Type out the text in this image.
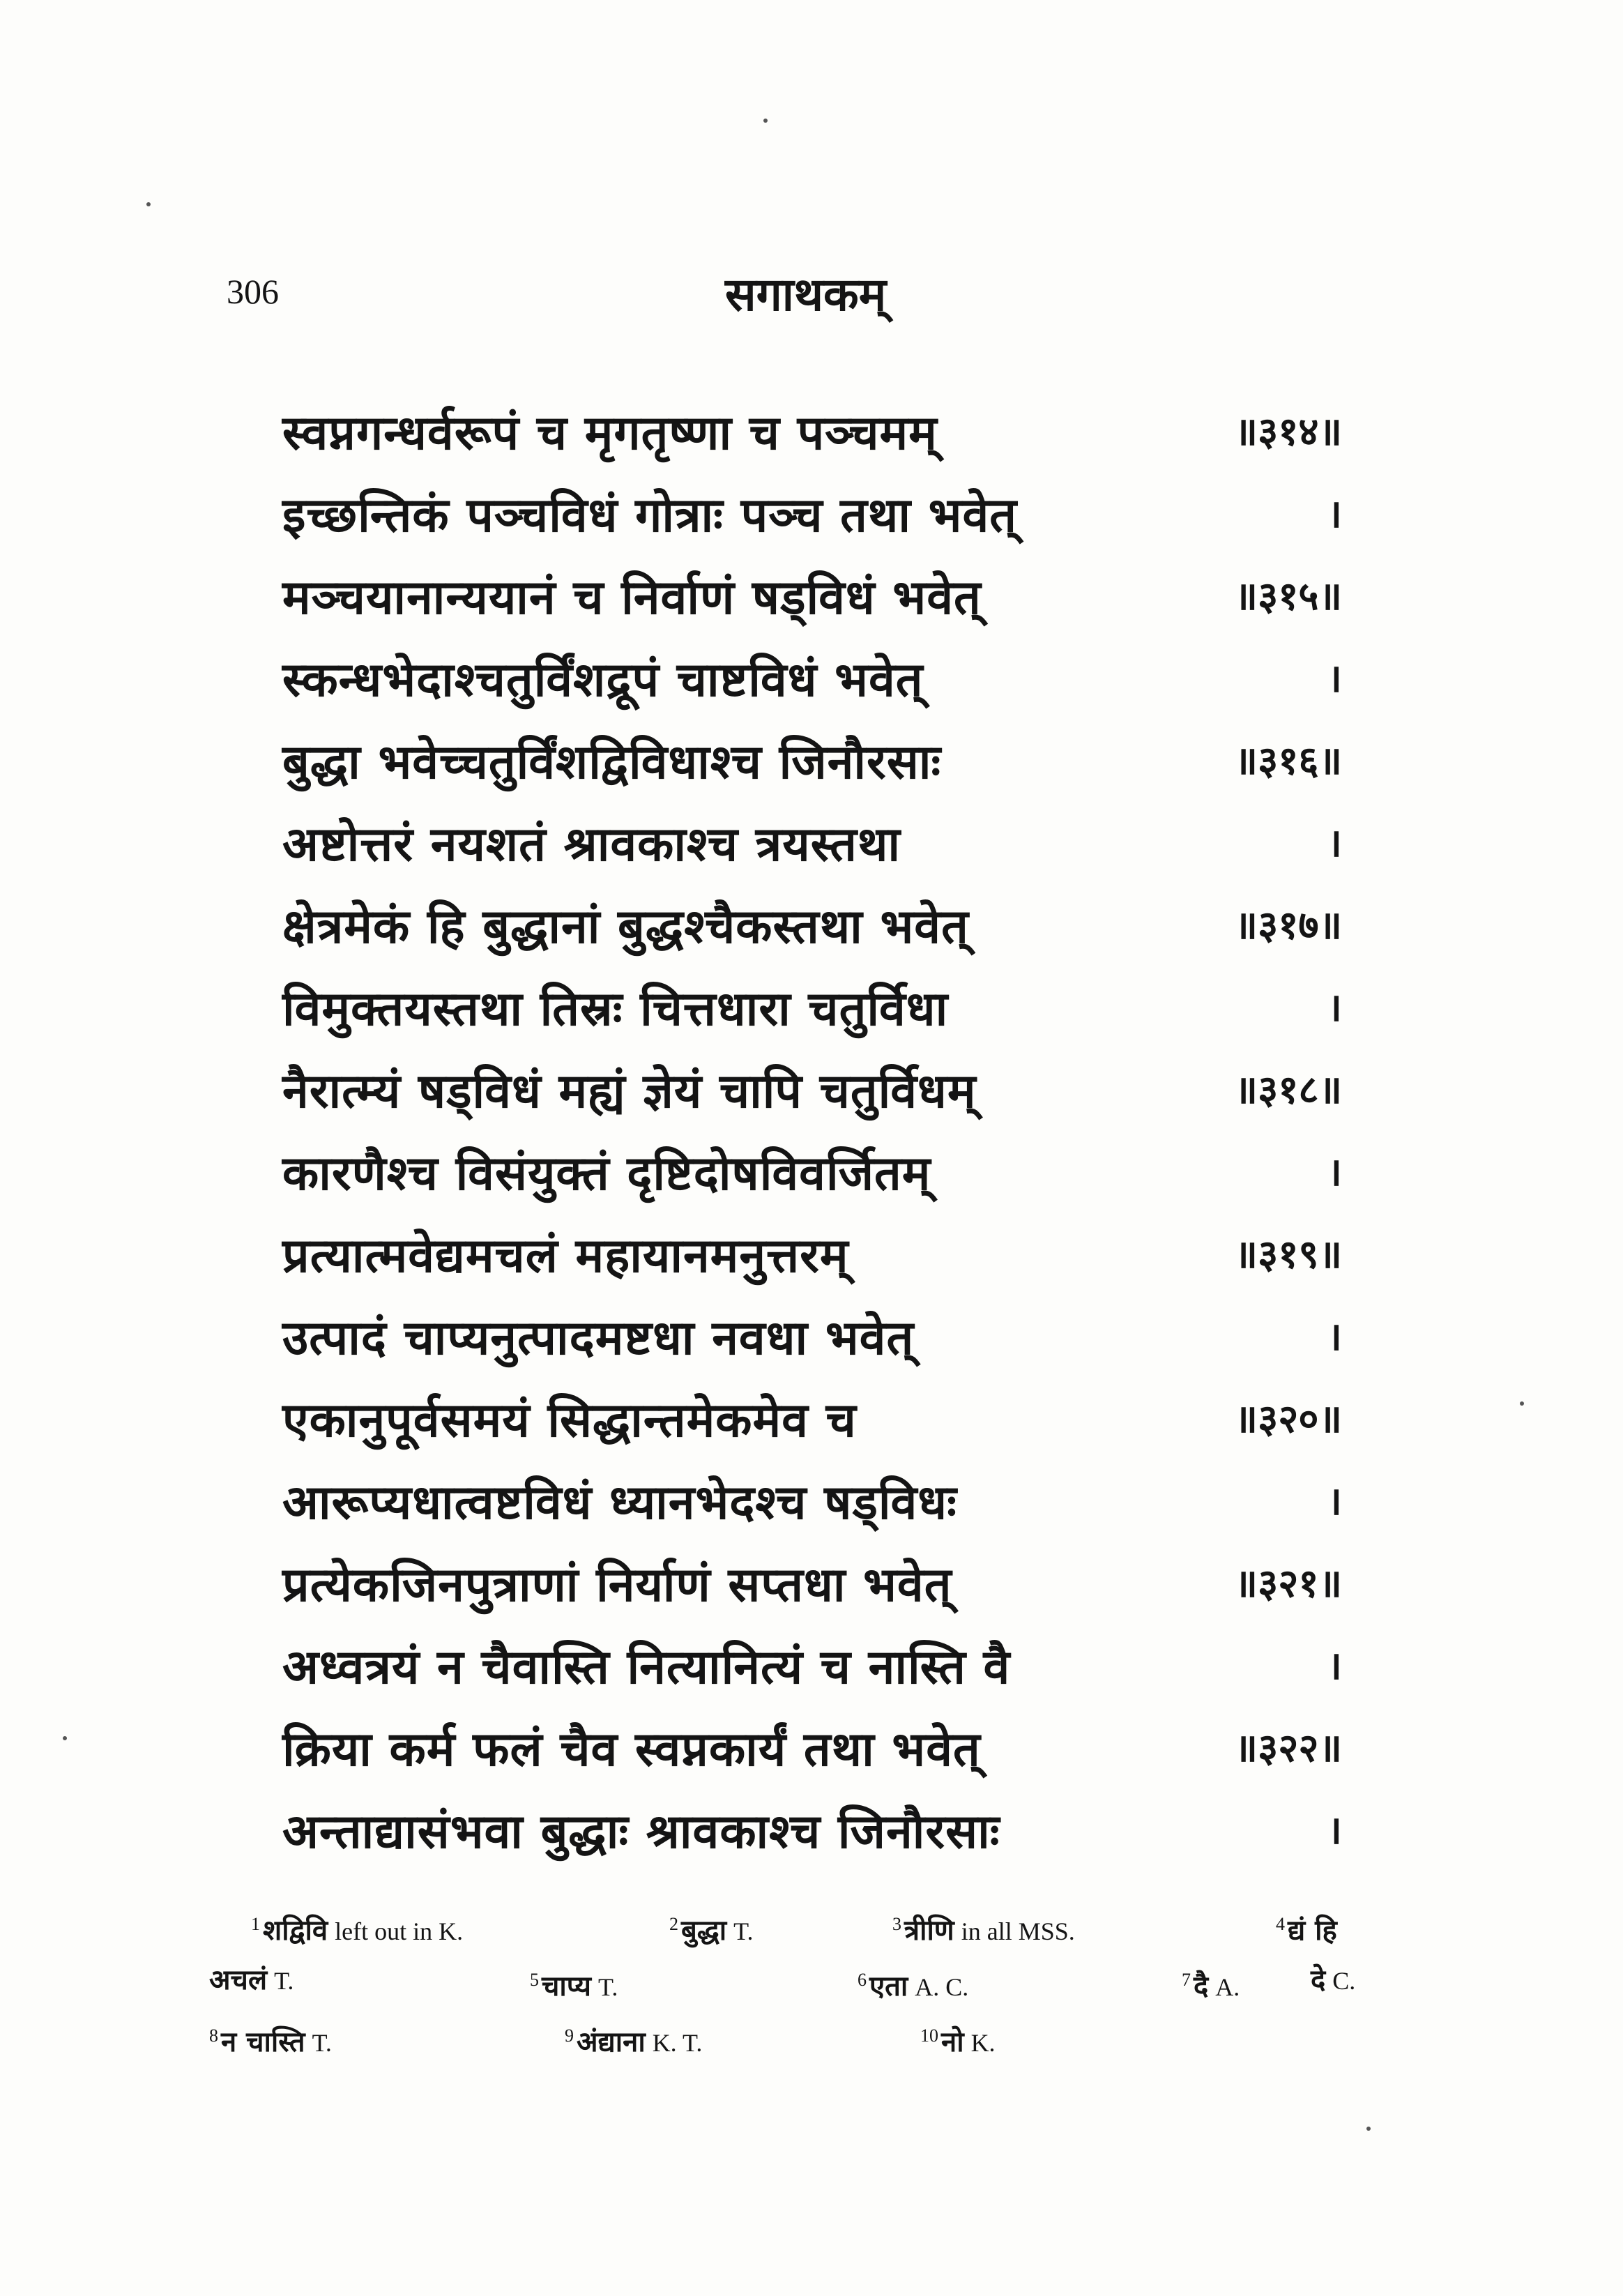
306	सगाथकम्
स्वप्नगन्धर्वरूपं च मृगतृष्णा च पञ्चमम्	॥३१४॥
इच्छन्तिकं पञ्चविधं गोत्राः पञ्च तथा भवेत्	।
मञ्चयानान्ययानं च निर्वाणं षड्विधं भवेत्	॥३१५॥
स्कन्धभेदाश्चतुर्विंशद्रूपं चाष्टविधं भवेत्	।
बुद्धा भवेच्चतुर्विंशद्विविधाश्च जिनौरसाः	॥३१६॥
अष्टोत्तरं नयशतं श्रावकाश्च त्रयस्तथा	।
क्षेत्रमेकं हि बुद्धानां बुद्धश्चैकस्तथा भवेत्	॥३१७॥
विमुक्तयस्तथा तिस्रः चित्तधारा चतुर्विधा	।
नैरात्म्यं षड्विधं मह्यं ज्ञेयं चापि चतुर्विधम्	॥३१८॥
कारणैश्च विसंयुक्तं दृष्टिदोषविवर्जितम्	।
प्रत्यात्मवेद्यमचलं महायानमनुत्तरम्	॥३१९॥
उत्पादं चाप्यनुत्पादमष्टधा नवधा भवेत्	।
एकानुपूर्वसमयं सिद्धान्तमेकमेव च	॥३२०॥
आरूप्यधात्वष्टविधं ध्यानभेदश्च षड्विधः	।
प्रत्येकजिनपुत्राणां निर्याणं सप्तधा भवेत्	॥३२१॥
अध्वत्रयं न चैवास्ति नित्यानित्यं च नास्ति वै	।
क्रिया कर्म फलं चैव स्वप्नकार्यं तथा भवेत्	॥३२२॥
अन्ताद्यासंभवा बुद्धाः श्रावकाश्च जिनौरसाः	।
$^1$ शद्विवि left out in K.	$^2$ बुद्धा T.	$^3$ त्रीणि in all MSS.	$^4$ द्यं हि
अचलं T.	$^5$ चाप्य T.	$^6$ एता A. C.	$^7$ दै A.	दे C.
$^8$ न चास्ति T.	$^9$ अंद्याना K. T.	$^{10}$ नो K.
